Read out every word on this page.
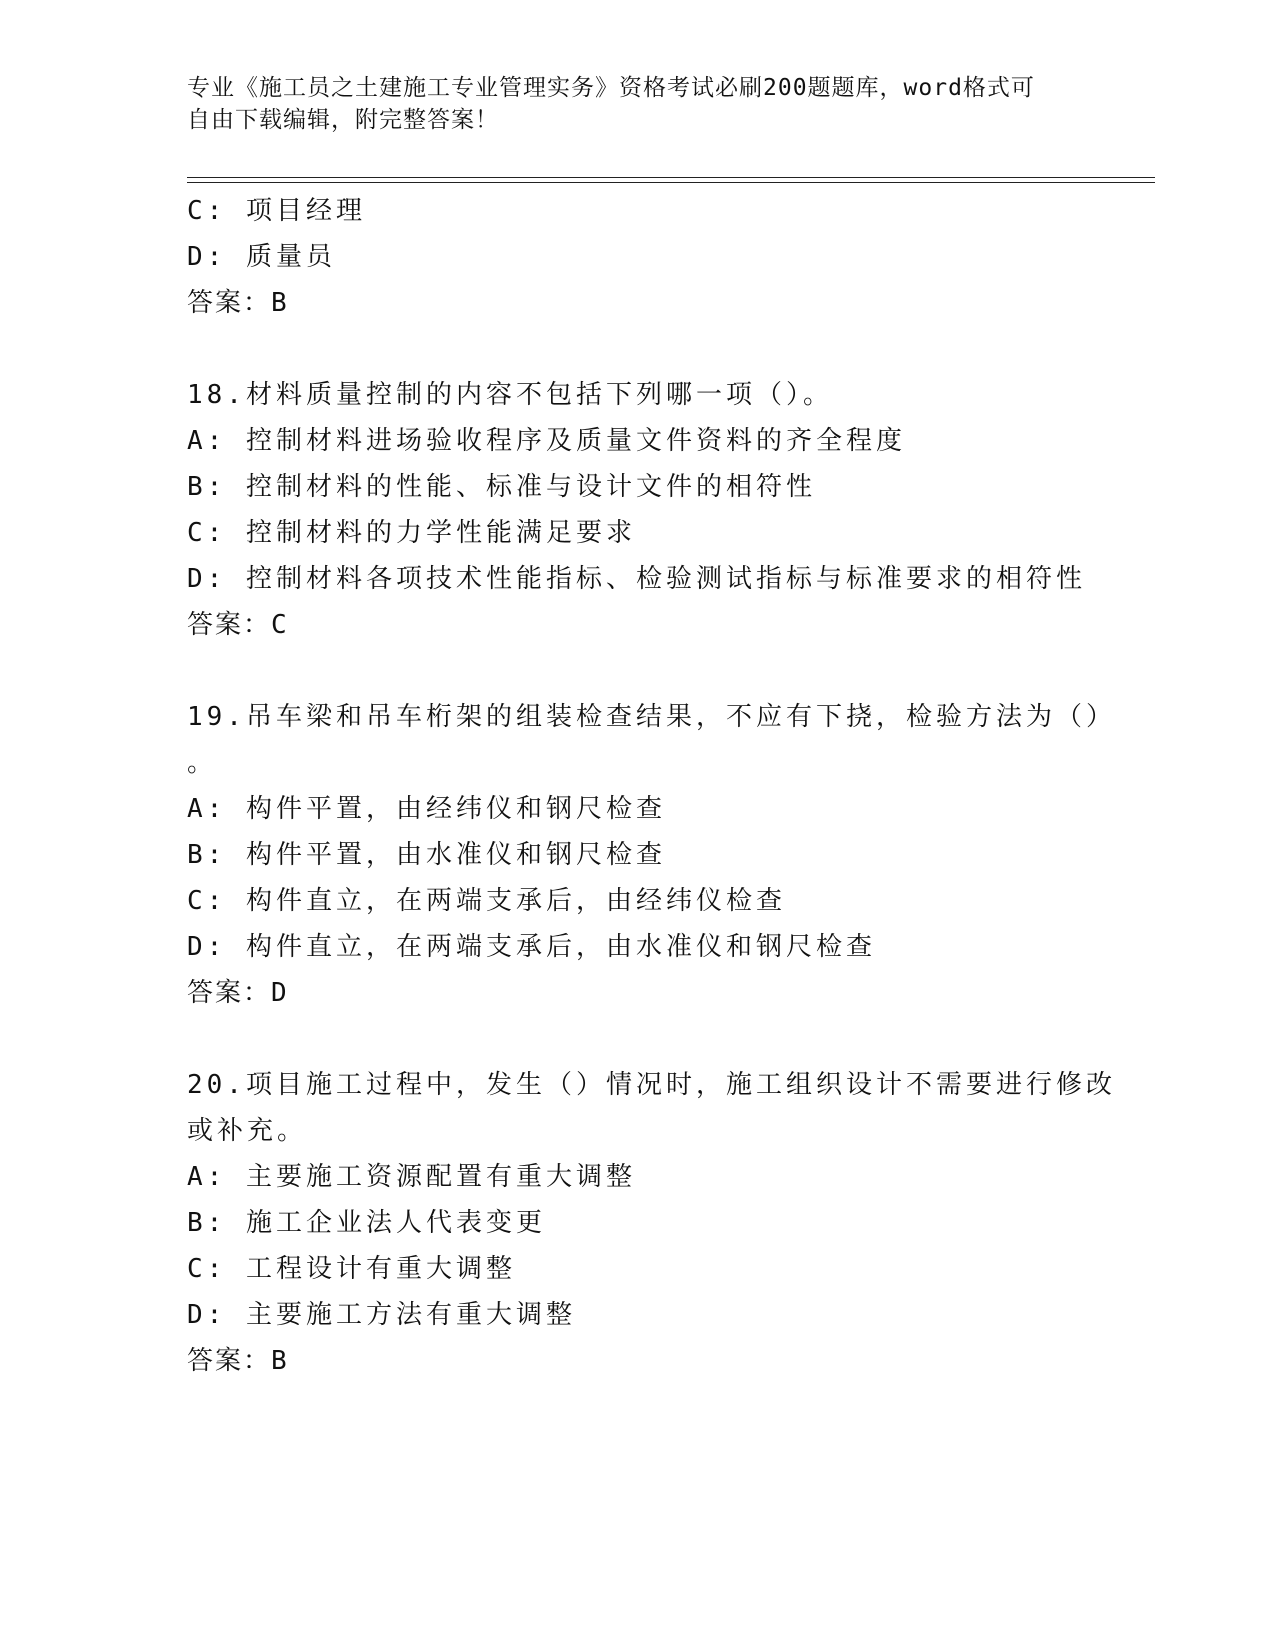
专业《施工员之土建施工专业管理实务》资格考试必刷200题题库，word格式可
自由下载编辑，附完整答案！
C: 项目经理
D: 质量员
答案：B
18.材料质量控制的内容不包括下列哪一项（）。
A: 控制材料进场验收程序及质量文件资料的齐全程度
B: 控制材料的性能、标准与设计文件的相符性
C: 控制材料的力学性能满足要求
D: 控制材料各项技术性能指标、检验测试指标与标准要求的相符性
答案：C
19.吊车梁和吊车桁架的组装检查结果，不应有下挠，检验方法为（）
。
A: 构件平置，由经纬仪和钢尺检查
B: 构件平置，由水准仪和钢尺检查
C: 构件直立，在两端支承后，由经纬仪检查
D: 构件直立，在两端支承后，由水准仪和钢尺检查
答案：D
20.项目施工过程中，发生（）情况时，施工组织设计不需要进行修改
或补充。
A: 主要施工资源配置有重大调整
B: 施工企业法人代表变更
C: 工程设计有重大调整
D: 主要施工方法有重大调整
答案：B
